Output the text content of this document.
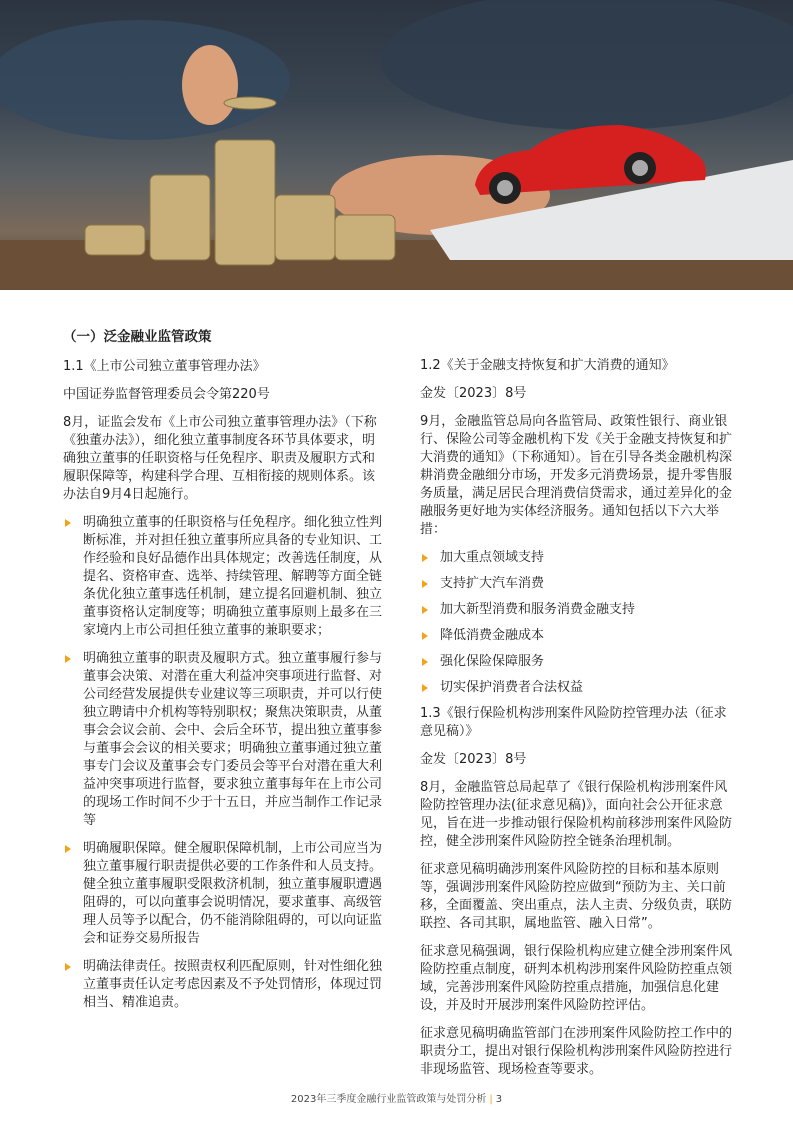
（一）泛金融业监管政策

1.1《上市公司独立董事管理办法》

中国证券监督管理委员会令第220号

8月，证监会发布《上市公司独立董事管理办法》（下称《独董办法》），细化独立董事制度各环节具体要求，明确独立董事的任职资格与任免程序、职责及履职方式和履职保障等，构建科学合理、互相衔接的规则体系。该办法自9月4日起施行。

明确独立董事的任职资格与任免程序。细化独立性判断标准，并对担任独立董事所应具备的专业知识、工作经验和良好品德作出具体规定；改善选任制度，从提名、资格审查、选举、持续管理、解聘等方面全链条优化独立董事选任机制，建立提名回避机制、独立董事资格认定制度等；明确独立董事原则上最多在三家境内上市公司担任独立董事的兼职要求；
明确独立董事的职责及履职方式。独立董事履行参与董事会决策、对潜在重大利益冲突事项进行监督、对公司经营发展提供专业建议等三项职责，并可以行使独立聘请中介机构等特别职权；聚焦决策职责，从董事会会议会前、会中、会后全环节，提出独立董事参与董事会会议的相关要求；明确独立董事通过独立董事专门会议及董事会专门委员会等平台对潜在重大利益冲突事项进行监督，要求独立董事每年在上市公司的现场工作时间不少于十五日，并应当制作工作记录等
明确履职保障。健全履职保障机制，上市公司应当为独立董事履行职责提供必要的工作条件和人员支持。健全独立董事履职受限救济机制，独立董事履职遭遇阻碍的，可以向董事会说明情况，要求董事、高级管理人员等予以配合，仍不能消除阻碍的，可以向证监会和证券交易所报告
明确法律责任。按照责权利匹配原则，针对性细化独立董事责任认定考虑因素及不予处罚情形，体现过罚相当、精准追责。

1.2《关于金融支持恢复和扩大消费的通知》

金发〔2023〕8号

9月，金融监管总局向各监管局、政策性银行、商业银行、保险公司等金融机构下发《关于金融支持恢复和扩大消费的通知》（下称通知）。旨在引导各类金融机构深耕消费金融细分市场，开发多元消费场景，提升零售服务质量，满足居民合理消费信贷需求，通过差异化的金融服务更好地为实体经济服务。通知包括以下六大举措：

加大重点领域支持
支持扩大汽车消费
加大新型消费和服务消费金融支持
降低消费金融成本
强化保险保障服务
切实保护消费者合法权益

1.3《银行保险机构涉刑案件风险防控管理办法（征求意见稿）》

金发〔2023〕8号

8月，金融监管总局起草了《银行保险机构涉刑案件风险防控管理办法(征求意见稿)》，面向社会公开征求意见，旨在进一步推动银行保险机构前移涉刑案件风险防控，健全涉刑案件风险防控全链条治理机制。

征求意见稿明确涉刑案件风险防控的目标和基本原则等，强调涉刑案件风险防控应做到“预防为主、关口前移，全面覆盖、突出重点，法人主责、分级负责，联防联控、各司其职，属地监管、融入日常”。

征求意见稿强调，银行保险机构应建立健全涉刑案件风险防控重点制度，研判本机构涉刑案件风险防控重点领域，完善涉刑案件风险防控重点措施，加强信息化建设，并及时开展涉刑案件风险防控评估。

征求意见稿明确监管部门在涉刑案件风险防控工作中的职责分工，提出对银行保险机构涉刑案件风险防控进行非现场监管、现场检查等要求。

2023年三季度金融行业监管政策与处罚分析 | 3
